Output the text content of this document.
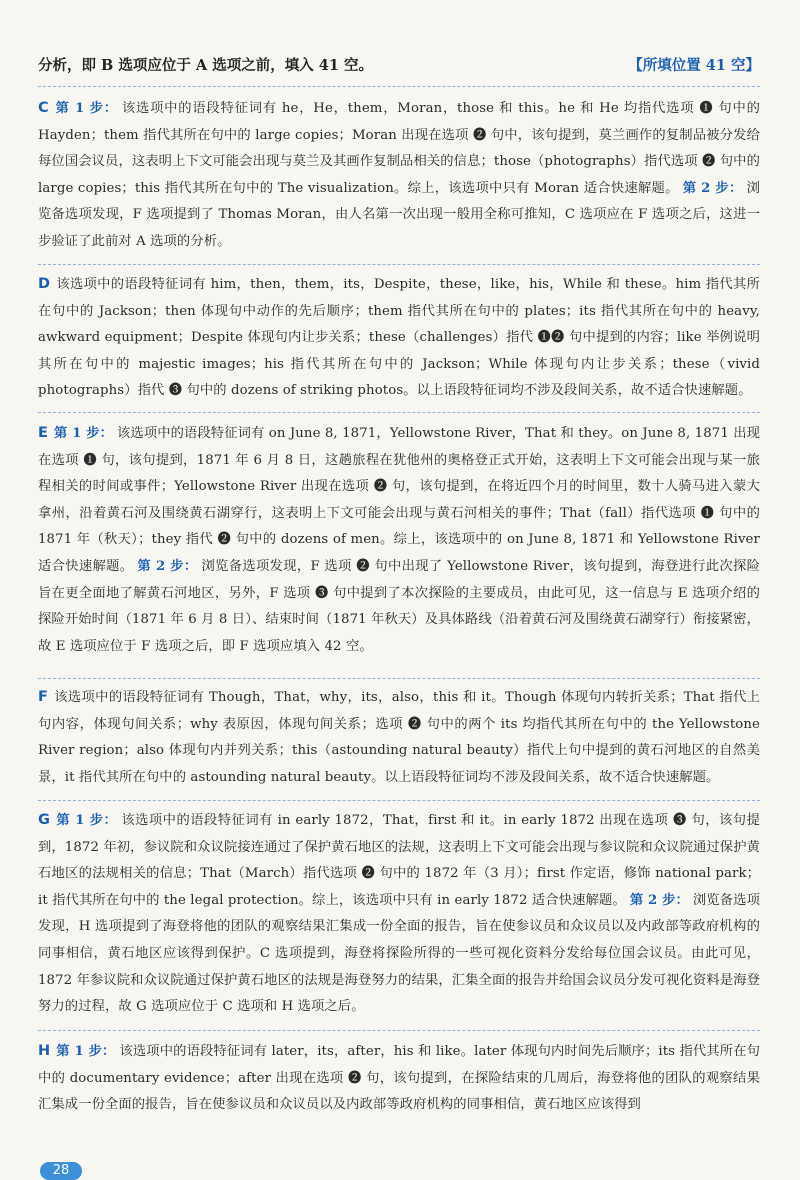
分析，即 B 选项应位于 A 选项之前，填入 41 空。	【所填位置 41 空】
C 第 1 步： 该选项中的语段特征词有 he，He，them，Moran，those 和 this。he 和 He 均指代选项 ❶ 句中的 Hayden；them 指代其所在句中的 large copies；Moran 出现在选项 ❷ 句中，该句提到，莫兰画作的复制品被分发给每位国会议员，这表明上下文可能会出现与莫兰及其画作复制品相关的信息；those（photographs）指代选项 ❷ 句中的 large copies；this 指代其所在句中的 The visualization。综上，该选项中只有 Moran 适合快速解题。 第 2 步： 浏览备选项发现，F 选项提到了 Thomas Moran，由人名第一次出现一般用全称可推知，C 选项应在 F 选项之后，这进一步验证了此前对 A 选项的分析。
D 该选项中的语段特征词有 him，then，them，its，Despite，these，like，his，While 和 these。him 指代其所在句中的 Jackson；then 体现句中动作的先后顺序；them 指代其所在句中的 plates；its 指代其所在句中的 heavy, awkward equipment；Despite 体现句内让步关系；these（challenges）指代 ❶❷ 句中提到的内容；like 举例说明其所在句中的 majestic images；his 指代其所在句中的 Jackson；While 体现句内让步关系；these（vivid photographs）指代 ❸ 句中的 dozens of striking photos。以上语段特征词均不涉及段间关系，故不适合快速解题。
E 第 1 步： 该选项中的语段特征词有 on June 8, 1871，Yellowstone River，That 和 they。on June 8, 1871 出现在选项 ❶ 句，该句提到，1871 年 6 月 8 日，这趟旅程在犹他州的奥格登正式开始，这表明上下文可能会出现与某一旅程相关的时间或事件；Yellowstone River 出现在选项 ❷ 句，该句提到，在将近四个月的时间里，数十人骑马进入蒙大拿州，沿着黄石河及围绕黄石湖穿行，这表明上下文可能会出现与黄石河相关的事件；That（fall）指代选项 ❶ 句中的 1871 年（秋天）；they 指代 ❷ 句中的 dozens of men。综上，该选项中的 on June 8, 1871 和 Yellowstone River 适合快速解题。 第 2 步： 浏览备选项发现，F 选项 ❷ 句中出现了 Yellowstone River，该句提到，海登进行此次探险旨在更全面地了解黄石河地区，另外，F 选项 ❸ 句中提到了本次探险的主要成员，由此可见，这一信息与 E 选项介绍的探险开始时间（1871 年 6 月 8 日）、结束时间（1871 年秋天）及具体路线（沿着黄石河及围绕黄石湖穿行）衔接紧密，故 E 选项应位于 F 选项之后，即 F 选项应填入 42 空。
F 该选项中的语段特征词有 Though，That，why，its，also，this 和 it。Though 体现句内转折关系；That 指代上句内容，体现句间关系；why 表原因，体现句间关系；选项 ❷ 句中的两个 its 均指代其所在句中的 the Yellowstone River region；also 体现句内并列关系；this（astounding natural beauty）指代上句中提到的黄石河地区的自然美景，it 指代其所在句中的 astounding natural beauty。以上语段特征词均不涉及段间关系，故不适合快速解题。
G 第 1 步： 该选项中的语段特征词有 in early 1872，That，first 和 it。in early 1872 出现在选项 ❸ 句，该句提到，1872 年初，参议院和众议院接连通过了保护黄石地区的法规，这表明上下文可能会出现与参议院和众议院通过保护黄石地区的法规相关的信息；That（March）指代选项 ❷ 句中的 1872 年（3 月）；first 作定语，修饰 national park；it 指代其所在句中的 the legal protection。综上，该选项中只有 in early 1872 适合快速解题。 第 2 步： 浏览备选项发现，H 选项提到了海登将他的团队的观察结果汇集成一份全面的报告，旨在使参议员和众议员以及内政部等政府机构的同事相信，黄石地区应该得到保护。C 选项提到，海登将探险所得的一些可视化资料分发给每位国会议员。由此可见，1872 年参议院和众议院通过保护黄石地区的法规是海登努力的结果，汇集全面的报告并给国会议员分发可视化资料是海登努力的过程，故 G 选项应位于 C 选项和 H 选项之后。
H 第 1 步： 该选项中的语段特征词有 later，its，after，his 和 like。later 体现句内时间先后顺序；its 指代其所在句中的 documentary evidence；after 出现在选项 ❷ 句，该句提到，在探险结束的几周后，海登将他的团队的观察结果汇集成一份全面的报告，旨在使参议员和众议员以及内政部等政府机构的同事相信，黄石地区应该得到
28
